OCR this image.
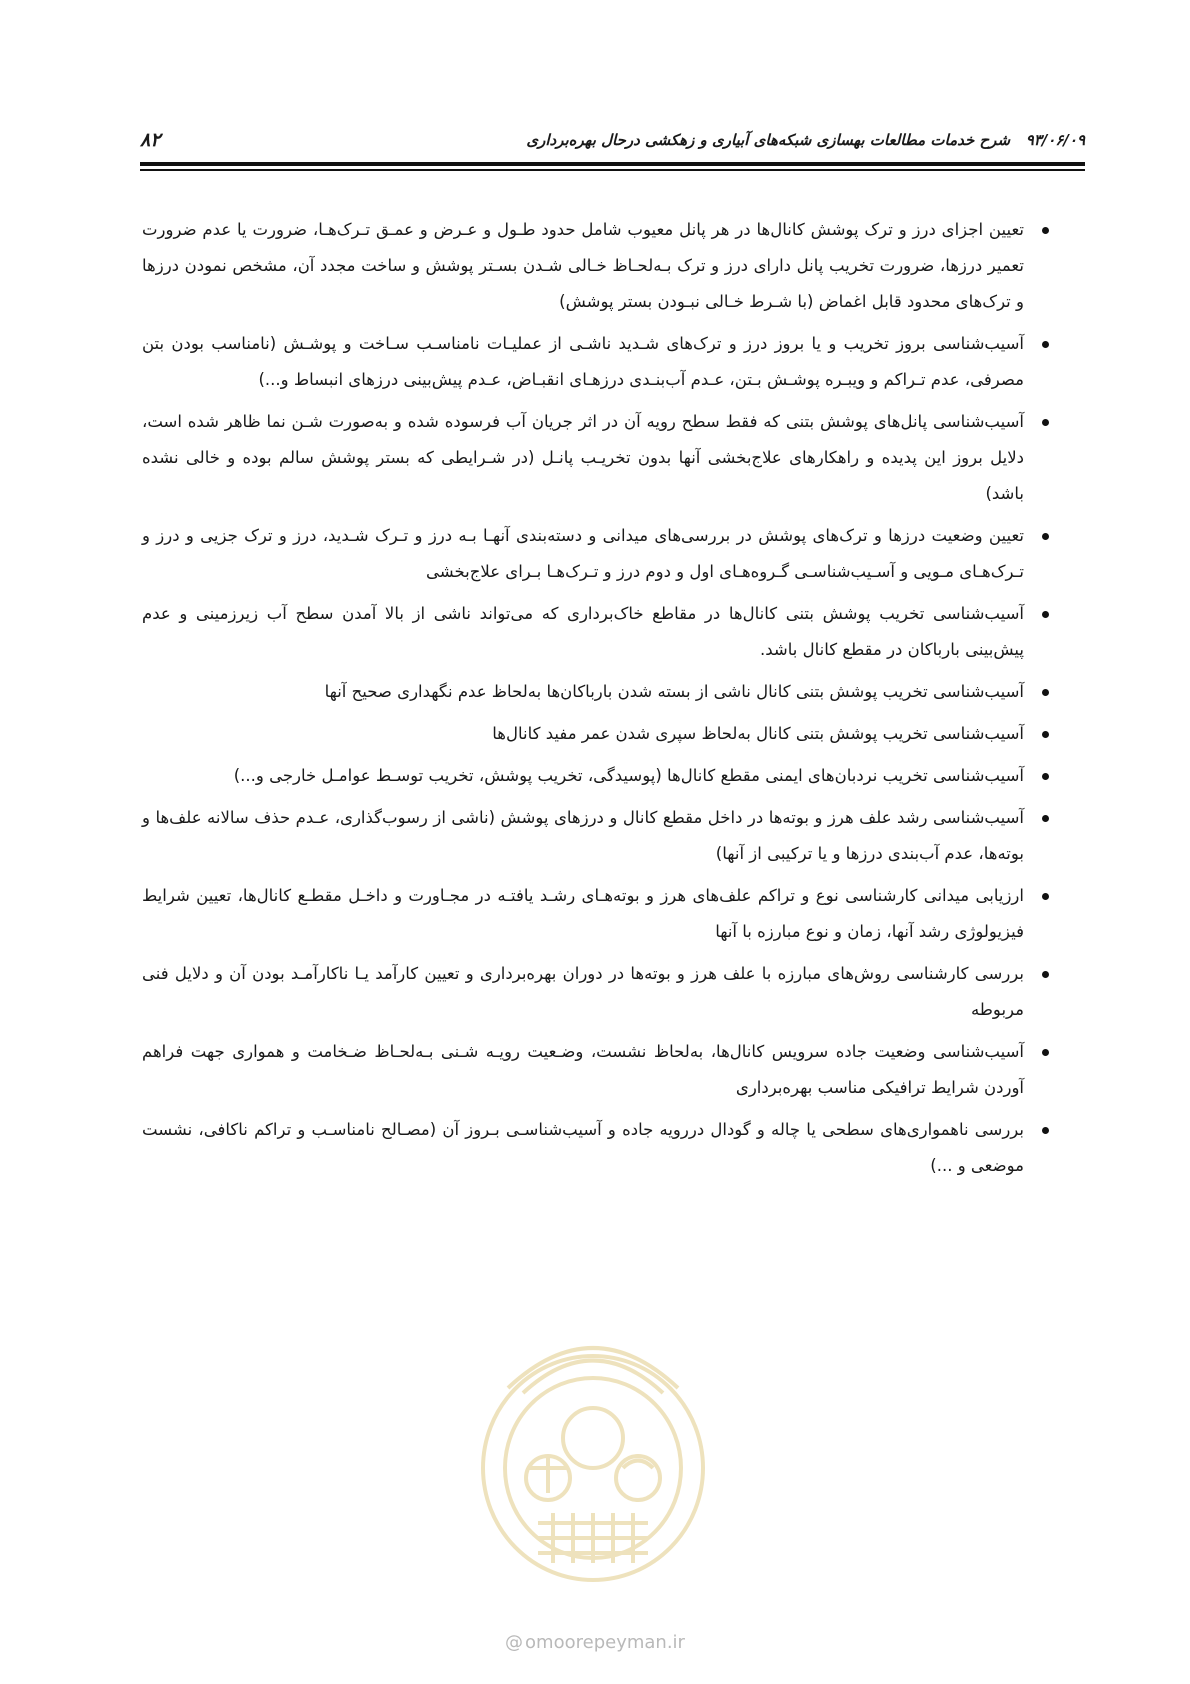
۸۲	۹۳/۰۶/۰۹   شرح خدمات مطالعات بهسازی شبکه‌های آبیاری و زهکشی درحال بهره‌برداری
تعیین اجزای درز و ترک پوشش کانال‌ها در هر پانل معیوب شامل حدود طـول و عـرض و عمـق تـرک‌هـا، ضرورت یا عدم ضرورت تعمیر درزها، ضرورت تخریب پانل دارای درز و ترک بـه‌لحـاظ خـالی شـدن بسـتر پوشش و ساخت مجدد آن، مشخص نمودن درزها و ترک‌های محدود قابل اغماض (با شـرط خـالی نبـودن بستر پوشش)
آسیب‌شناسی بروز تخریب و یا بروز درز و ترک‌های شـدید ناشـی از عملیـات نامناسـب سـاخت و پوشـش (نامناسب بودن بتن مصرفی، عدم تـراکم و ویبـره پوشـش بـتن، عـدم آب‌بنـدی درزهـای انقبـاض، عـدم پیش‌بینی درزهای انبساط و...)
آسیب‌شناسی پانل‌های پوشش بتنی که فقط سطح رویه آن در اثر جریان آب فرسوده شده و به‌صورت شـن نما ظاهر شده است، دلایل بروز این پدیده و راهکارهای علاج‌بخشی آنها بدون تخریـب پانـل (در شـرایطی که بستر پوشش سالم بوده و خالی نشده باشد)
تعیین وضعیت درزها و ترک‌های پوشش در بررسی‌های میدانی و دسته‌بندی آنهـا بـه درز و تـرک شـدید، درز و ترک جزیی و درز و تـرک‌هـای مـویی و آسـیب‌شناسـی گـروه‌هـای اول و دوم درز و تـرک‌هـا بـرای علاج‌بخشی
آسیب‌شناسی تخریب پوشش بتنی کانال‌ها در مقاطع خاک‌برداری که می‌تواند ناشی از بالا آمدن سطح آب زیرزمینی و عدم پیش‌بینی بارباکان در مقطع کانال باشد.
آسیب‌شناسی تخریب پوشش بتنی کانال ناشی از بسته شدن بارباکان‌ها به‌لحاظ عدم نگهداری صحیح آنها
آسیب‌شناسی تخریب پوشش بتنی کانال به‌لحاظ سپری شدن عمر مفید کانال‌ها
آسیب‌شناسی تخریب نردبان‌های ایمنی مقطع کانال‌ها (پوسیدگی، تخریب پوشش، تخریب توسـط عوامـل خارجی و...)
آسیب‌شناسی رشد علف هرز و بوته‌ها در داخل مقطع کانال و درزهای پوشش (ناشی از رسوب‌گذاری، عـدم حذف سالانه علف‌ها و بوته‌ها، عدم آب‌بندی درزها و یا ترکیبی از آنها)
ارزیابی میدانی کارشناسی نوع و تراکم علف‌های هرز و بوته‌هـای رشـد یافتـه در مجـاورت و داخـل مقطـع کانال‌ها، تعیین شرایط فیزیولوژی رشد آنها، زمان و نوع مبارزه با آنها
بررسی کارشناسی روش‌های مبارزه با علف هرز و بوته‌ها در دوران بهره‌برداری و تعیین کارآمد یـا ناکارآمـد بودن آن و دلایل فنی مربوطه
آسیب‌شناسی وضعیت جاده سرویس کانال‌ها، به‌لحاظ نشست، وضـعیت رویـه شـنی بـه‌لحـاظ ضـخامت و همواری جهت فراهم آوردن شرایط ترافیکی مناسب بهره‌برداری
بررسی ناهمواری‌های سطحی یا چاله و گودال دررویه جاده و آسیب‌شناسـی بـروز آن (مصـالح نامناسـب و تراکم ناکافی، نشست موضعی و ...)
@ omoorepeyman.ir
